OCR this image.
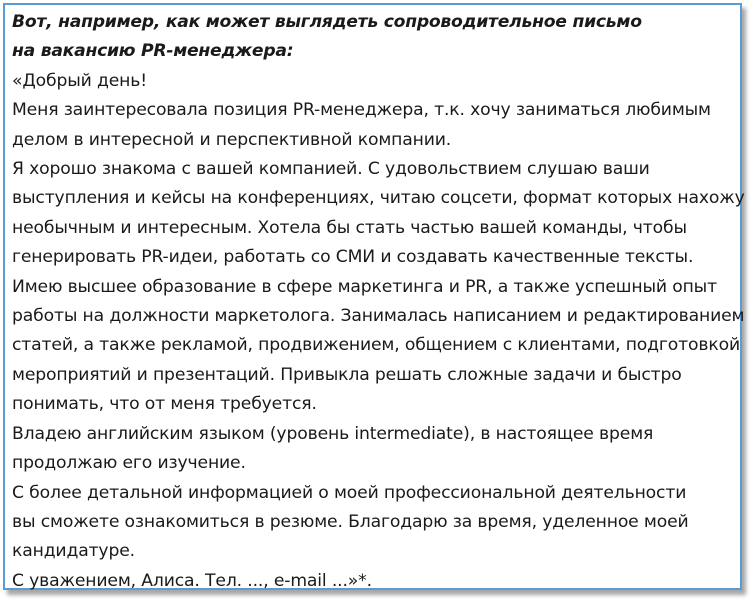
Вот, например, как может выглядеть сопроводительное письмо
на вакансию PR-менеджера:
«Добрый день!
Меня заинтересовала позиция PR-менеджера, т.к. хочу заниматься любимым
делом в интересной и перспективной компании.
Я хорошо знакома с вашей компанией. С удовольствием слушаю ваши
выступления и кейсы на конференциях, читаю соцсети, формат которых нахожу
необычным и интересным. Хотела бы стать частью вашей команды, чтобы
генерировать PR-идеи, работать со СМИ и создавать качественные тексты.
Имею высшее образование в сфере маркетинга и PR, а также успешный опыт
работы на должности маркетолога. Занималась написанием и редактированием
статей, а также рекламой, продвижением, общением с клиентами, подготовкой
мероприятий и презентаций. Привыкла решать сложные задачи и быстро
понимать, что от меня требуется.
Владею английским языком (уровень intermediate), в настоящее время
продолжаю его изучение.
С более детальной информацией о моей профессиональной деятельности
вы сможете ознакомиться в резюме. Благодарю за время, уделенное моей
кандидатуре.
С уважением, Алиса. Тел. ..., e-mail ...»*.
